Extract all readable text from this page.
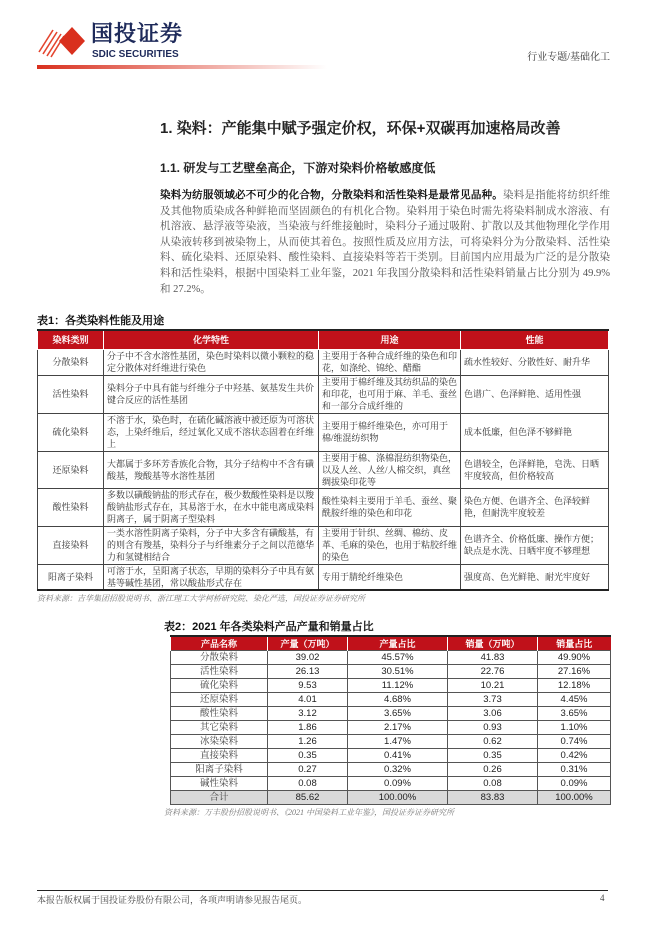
国投证券
SDIC SECURITIES	行业专题/基础化工
1. 染料：产能集中赋予强定价权，环保+双碳再加速格局改善
1.1. 研发与工艺壁垒高企，下游对染料价格敏感度低
染料为纺服领域必不可少的化合物，分散染料和活性染料是最常见品种。染料是指能将纺织纤维及其他物质染成各种鲜艳而坚固颜色的有机化合物。染料用于染色时需先将染料制成水溶液、有机溶液、悬浮液等染液，当染液与纤维接触时，染料分子通过吸附、扩散以及其他物理化学作用从染液转移到被染物上，从而使其着色。按照性质及应用方法，可将染料分为分散染料、活性染料、硫化染料、还原染料、酸性染料、直接染料等若干类别。目前国内应用最为广泛的是分散染料和活性染料，根据中国染料工业年鉴，2021 年我国分散染料和活性染料销量占比分别为 49.9%和 27.2%。
表1：各类染料性能及用途
染料类别	化学特性	用途	性能
分散染料	分子中不含水溶性基团，染色时染料以微小颗粒的稳定分散体对纤维进行染色	主要用于各种合成纤维的染色和印花，如涤纶、锦纶、醋酯	疏水性较好、分散性好、耐升华
活性染料	染料分子中具有能与纤维分子中羟基、氨基发生共价键合反应的活性基团	主要用于棉纤维及其纺织品的染色和印花，也可用于麻、羊毛、蚕丝和一部分合成纤维的	色谱广、色泽鲜艳、适用性强
硫化染料	不溶于水，染色时，在硫化碱溶液中被还原为可溶状态，上染纤维后，经过氧化又成不溶状态固着在纤维上	主要用于棉纤维染色，亦可用于棉/维混纺织物	成本低廉，但色泽不够鲜艳
还原染料	大都属于多环芳香族化合物，其分子结构中不含有磺酸基，羧酸基等水溶性基团	主要用于棉、涤棉混纺织物染色，以及人丝、人丝/人棉交织，真丝绸拔染印花等	色谱较全，色泽鲜艳，皂洗、日晒牢度较高，但价格较高
酸性染料	多数以磺酸钠盐的形式存在，极少数酸性染料是以羧酸钠盐形式存在，其易溶于水，在水中能电离成染料阴离子，属于阴离子型染料	酸性染料主要用于羊毛、蚕丝、聚酰胺纤维的染色和印花	染色方便、色谱齐全、色泽较鲜艳，但耐洗牢度较差
直接染料	一类水溶性阴离子染料，分子中大多含有磺酸基，有的则含有羧基，染料分子与纤维素分子之间以范德华力和氢键相结合	主要用于针织、丝绸、棉纺、皮革、毛麻的染色，也用于粘胶纤维的染色	色谱齐全、价格低廉、操作方便；缺点是水洗、日晒牢度不够理想
阳离子染料	可溶于水，呈阳离子状态，早期的染料分子中具有氨基等碱性基团，常以酸盐形式存在	专用于腈纶纤维染色	强度高、色光鲜艳、耐光牢度好
资料来源：吉华集团招股说明书、浙江理工大学柯桥研究院、染化严选，国投证券证券研究所
表2：2021 年各类染料产品产量和销量占比
产品名称	产量（万吨）	产量占比	销量（万吨）	销量占比
分散染料	39.02	45.57%	41.83	49.90%
活性染料	26.13	30.51%	22.76	27.16%
硫化染料	9.53	11.12%	10.21	12.18%
还原染料	4.01	4.68%	3.73	4.45%
酸性染料	3.12	3.65%	3.06	3.65%
其它染料	1.86	2.17%	0.93	1.10%
冰染染料	1.26	1.47%	0.62	0.74%
直接染料	0.35	0.41%	0.35	0.42%
阳离子染料	0.27	0.32%	0.26	0.31%
碱性染料	0.08	0.09%	0.08	0.09%
合计	85.62	100.00%	83.83	100.00%
资料来源：万丰股份招股说明书、《2021 中国染料工业年鉴》，国投证券证券研究所
本报告版权属于国投证券股份有限公司，各项声明请参见报告尾页。	4
